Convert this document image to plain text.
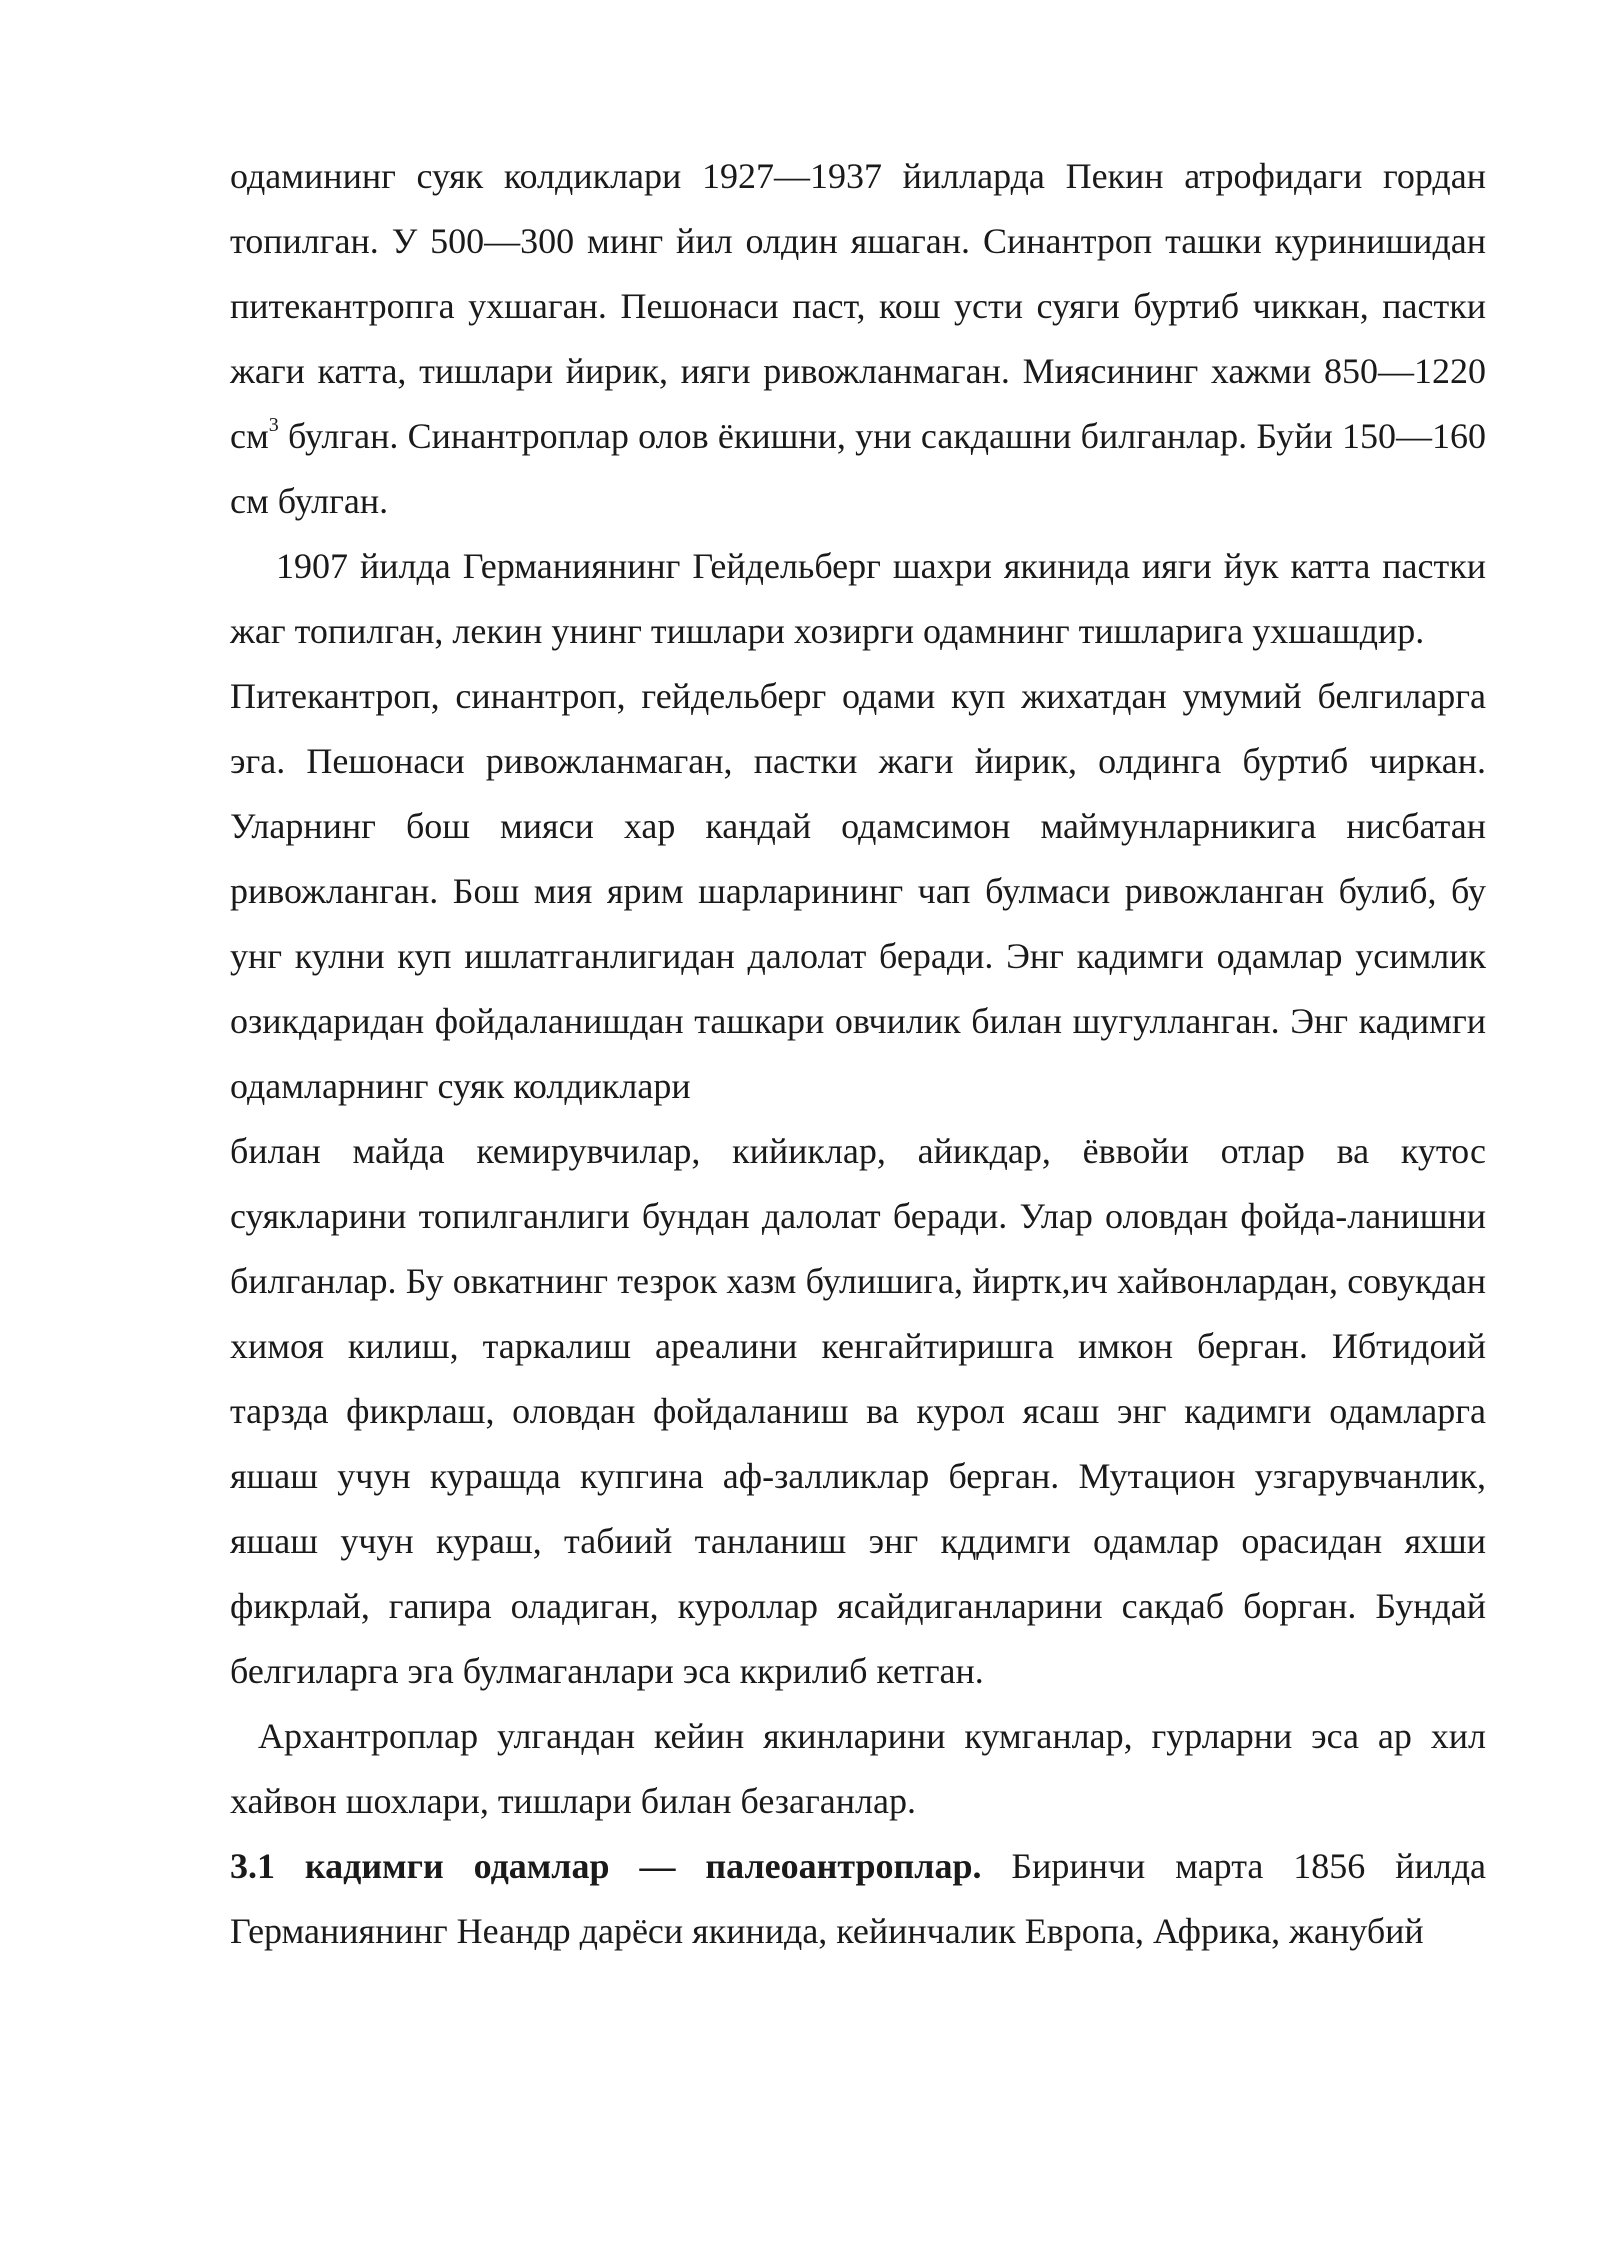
одамининг суяк колдиклари 1927—1937 йилларда Пекин атрофидаги гордан топилган. У 500—300 минг йил олдин яшаган. Синантроп ташки куринишидан питекантропга ухшаган. Пешонаси паст, кош усти суяги буртиб чиккан, пастки жаги катта, тишлари йирик, ияги ривожланмаган. Миясининг хажми 850—1220 $см^3$ булган. Синантроплар олов ёкишни, уни сакдашни билганлар. Буйи 150—160 см булган.

1907 йилда Германиянинг Гейдельберг шахри якинида ияги йук катта пастки жаг топилган, лекин унинг тишлари хозирги одамнинг тишларига ухшашдир.

Питекантроп, синантроп, гейдельберг одами куп жихатдан умумий белгиларга эга. Пешонаси ривожланмаган, пастки жаги йирик, олдинга буртиб чиркан. Уларнинг бош мияси хар кандай одамсимон маймунларникига нисбатан ривожланган. Бош мия ярим шарларининг чап булмаси ривожланган булиб, бу унг кулни куп ишлатганлигидан далолат беради. Энг кадимги одамлар усимлик озикдаридан фойдаланишдан ташкари овчилик билан шугулланган. Энг кадимги одамларнинг суяк колдиклари

билан майда кемирувчилар, кийиклар, айикдар, ёввойи отлар ва кутос суякларини топилганлиги бундан далолат беради. Улар оловдан фойда-ланишни билганлар. Бу овкатнинг тезрок хазм булишига, йиртк,ич хайвонлардан, совукдан химоя килиш, таркалиш ареалини кенгайтиришга имкон берган. Ибтидоий тарзда фикрлаш, оловдан фойдаланиш ва курол ясаш энг кадимги одамларга яшаш учун курашда купгина аф-залликлар берган. Мутацион узгарувчанлик, яшаш учун кураш, табиий танланиш энг кддимги одамлар орасидан яхши фикрлай, гапира оладиган, куроллар ясайдиганларини сакдаб борган. Бундай белгиларга эга булмаганлари эса ккрилиб кетган.

Архантроплар улгандан кейин якинларини кумганлар, гурларни эса ар хил хайвон шохлари, тишлари билан безаганлар.

3.1 кадимги одамлар — палеоантроплар. Биринчи марта 1856 йилда Германиянинг Неандр дарёси якинида, кейинчалик Европа, Африка, жанубий
